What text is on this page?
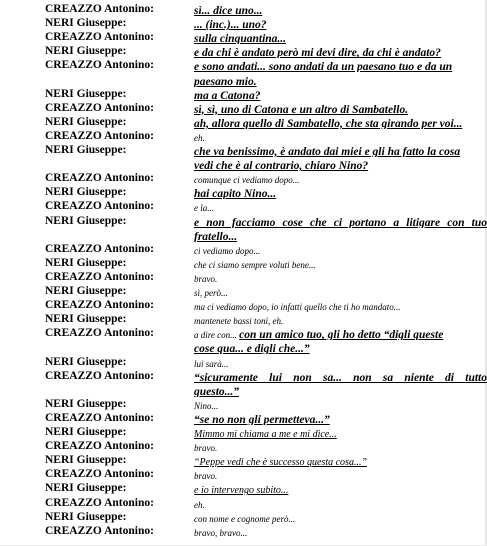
CREAZZO Antonino:	sì... dice uno...
NERI Giuseppe:	... (inc.)... uno?
CREAZZO Antonino:	sulla cinquantina...
NERI Giuseppe:	e da chi è andato però mi devi dire, da chi è andato?
CREAZZO Antonino:	e sono andati... sono andati da un paesano tuo e da un
paesano mio.
NERI Giuseppe:	ma a Catona?
CREAZZO Antonino:	sì, sì, uno di Catona e un altro di Sambatello.
NERI Giuseppe:	ah, allora quello di Sambatello, che sta girando per voi...
CREAZZO Antonino:	eh.
NERI Giuseppe:	che va benissimo, è andato dai miei e gli ha fatto la cosa
vedi che è al contrario, chiaro Nino?
CREAZZO Antonino:	comunque ci vediamo dopo...
NERI Giuseppe:	hai capito Nino...
CREAZZO Antonino:	e la...
NERI Giuseppe:	e non facciamo cose che ci portano a litigare con tuo
fratello...
CREAZZO Antonino:	ci vediamo dopo...
NERI Giuseppe:	che ci siamo sempre voluti bene...
CREAZZO Antonino:	bravo.
NERI Giuseppe:	sì, però...
CREAZZO Antonino:	ma ci vediamo dopo, io infatti quello che ti ho mandato...
NERI Giuseppe:	mantenete bassi toni, eh.
CREAZZO Antonino:	a dire con... con un amico tuo, gli ho detto “digli queste
cose qua... e digli che...”
NERI Giuseppe:	lui sarà...
CREAZZO Antonino:	“sicuramente lui non sa... non sa niente di tutto
questo...”
NERI Giuseppe:	Nino...
CREAZZO Antonino:	“se no non gli permetteva...”
NERI Giuseppe:	Mimmo mi chiama a me e mi dice...
CREAZZO Antonino:	bravo.
NERI Giuseppe:	“Peppe vedi che è successo questa cosa...”
CREAZZO Antonino:	bravo.
NERI Giuseppe:	e io intervengo subito...
CREAZZO Antonino:	eh.
NERI Giuseppe:	con nome e cognome però...
CREAZZO Antonino:	bravo, bravo...
